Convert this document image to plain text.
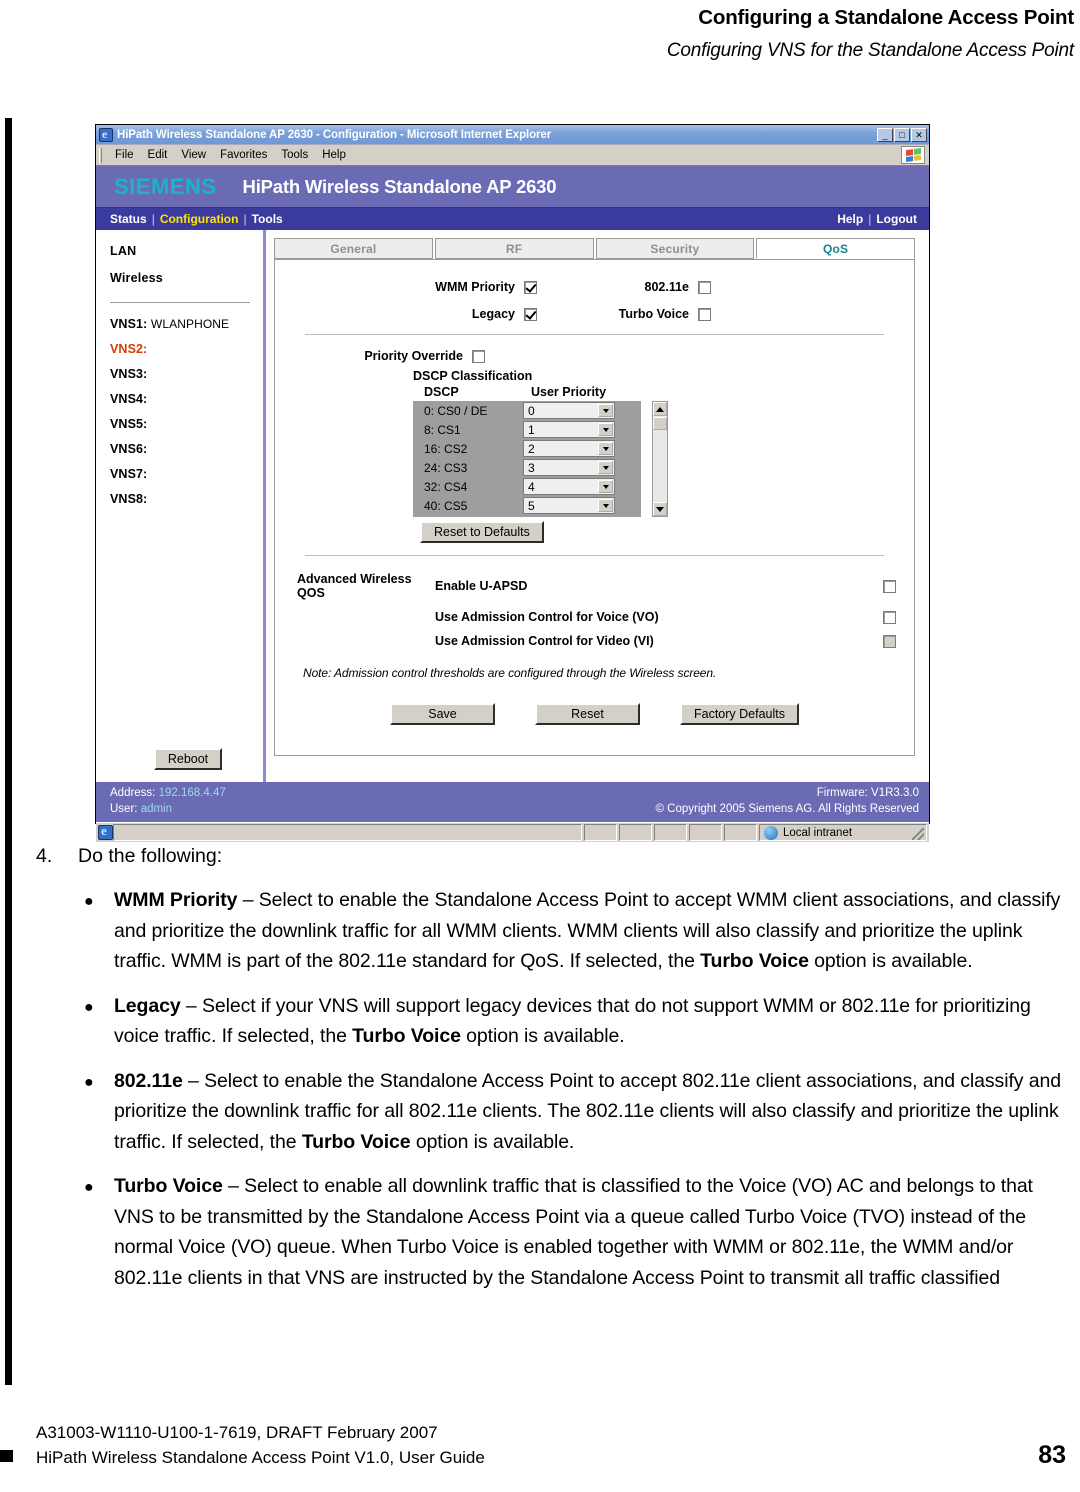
Configuring a Standalone Access Point
Configuring VNS for the Standalone Access Point
e
HiPath Wireless Standalone AP 2630 - Configuration - Microsoft Internet Explorer	_	□	✕
File	Edit	View	Favorites	Tools	Help
SIEMENS HiPath Wireless Standalone AP 2630
Status | Configuration | Tools	Help | Logout
LAN
Wireless
VNS1: WLANPHONE
VNS2:
VNS3:
VNS4:
VNS5:
VNS6:
VNS7:
VNS8:
Reboot
General	RF	Security	QoS
WMM Priority	802.11e
Legacy	Turbo Voice
Priority Override
DSCP Classification
DSCP	User Priority
0: CS0 / DE	0
8: CS1	1
16: CS2	2
24: CS3	3
32: CS4	4
40: CS5	5
Reset to Defaults
Advanced Wireless QOS	Enable U-APSD
Use Admission Control for Voice (VO)
Use Admission Control for Video (VI)
Note: Admission control thresholds are configured through the Wireless screen.
Save	Reset	Factory Defaults
Address: 192.168.4.47
User: admin
Firmware: V1R3.3.0
© Copyright 2005 Siemens AG. All Rights Reserved
e
Local intranet
4.	Do the following:
●	WMM Priority – Select to enable the Standalone Access Point to accept WMM client associations, and classify and prioritize the downlink traffic for all WMM clients. WMM clients will also classify and prioritize the uplink traffic. WMM is part of the 802.11e standard for QoS. If selected, the Turbo Voice option is available.
●	Legacy – Select if your VNS will support legacy devices that do not support WMM or 802.11e for prioritizing voice traffic. If selected, the Turbo Voice option is available.
●	802.11e – Select to enable the Standalone Access Point to accept 802.11e client associations, and classify and prioritize the downlink traffic for all 802.11e clients. The 802.11e clients will also classify and prioritize the uplink traffic. If selected, the Turbo Voice option is available.
●	Turbo Voice – Select to enable all downlink traffic that is classified to the Voice (VO) AC and belongs to that VNS to be transmitted by the Standalone Access Point via a queue called Turbo Voice (TVO) instead of the normal Voice (VO) queue. When Turbo Voice is enabled together with WMM or 802.11e, the WMM and/or 802.11e clients in that VNS are instructed by the Standalone Access Point to transmit all traffic classified
A31003-W1110-U100-1-7619, DRAFT February 2007
HiPath Wireless Standalone Access Point V1.0, User Guide	83
